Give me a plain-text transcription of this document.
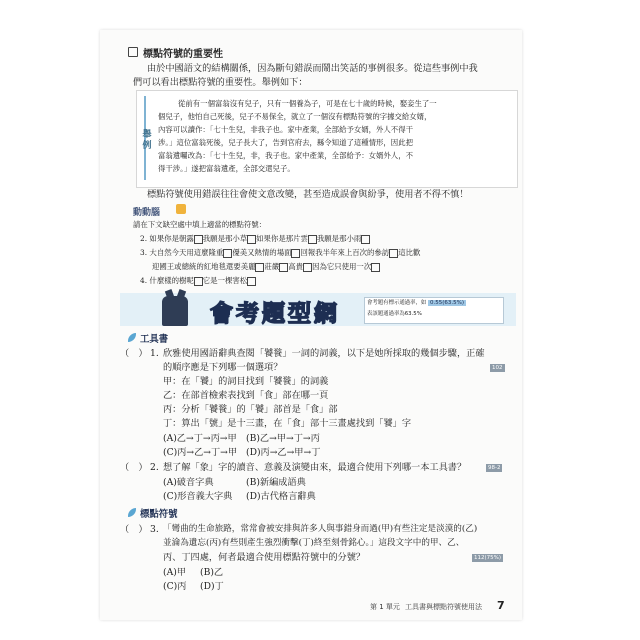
標點符號的重要性
由於中國語文的結構關係，因為斷句錯誤而鬧出笑話的事例很多。從這些事例中我
們可以看出標點符號的重要性。舉例如下：
舉例
從前有一個富翁沒有兒子，只有一個養為子，可是在七十歲的時候，娶妾生了一
個兒子，他怕自己死後，兒子不易保全，就立了一個沒有標點符號的字據交給女婿，
內容可以讀作：「七十生兒，非我子也。家中產業，全部給予女婿，外人不得干
涉。」這位富翁死後，兒子長大了，告到官府去，縣令知道了這種情形，因此把
富翁遺囑改為：「七十生兒，非，我子也。家中產業，全部給予：女婿外人，不
得干涉。」遂把富翁遺產，全部交還兒子。
標點符號使用錯誤往往會使文意改變，甚至造成誤會與紛爭，使用者不得不慎！
動動腦
請在下文缺空處中填上適當的標點符號：
2. 如果你是朝露 我願是那小草 如果你是那片雲 我願是那小雨
3. 大自然今天用這麼隆重 優美又熱情的場面 回報我半年來上百次的參訪 這比歡
迎國王或總統的紅地毯還要美麗 莊嚴 高貴 因為它只使用一次
4. 什麼樣的樹呢 它是一棵害松
會考題型網	會考題有標示通過率，如 0.55(63.5%)
表該題通過率為63.5%
工具書
（　） 1. 欣雅使用國語辭典查閱「饕餮」一詞的詞義，以下是她所採取的幾個步驟，正確
的順序應是下列哪一個選項？	102
甲：在「饕」的詞目找到「饕餮」的詞義
乙：在部首檢索表找到「食」部在哪一頁
丙：分析「饕餮」的「饕」部首是「食」部
丁：算出「號」是十三畫，在「食」部十三畫處找到「饕」字
(A)乙→丁→丙→甲 (B)乙→甲→丁→丙
(C)丙→乙→丁→甲 (D)丙→乙→甲→丁
（　） 2. 想了解「象」字的讀音、意義及演變由來，最適合使用下列哪一本工具書？	98-2
(A)破音字典	(B)新編成語典
(C)形音義大字典 (D)古代格言辭典
標點符號
（　） 3. 「彎曲的生命旅路，常常會被安排與許多人與事錯身而過(甲)有些注定是淡漠的(乙)
並淪為遺忘(丙)有些則產生強烈衝擊(丁)終至刻骨銘心。」這段文字中的甲、乙、
丙、丁四處，何者最適合使用標點符號中的分號？	112(75%)
(A)甲 (B)乙
(C)丙 (D)丁
第 1 單元 工具書與標點符號使用法 7
